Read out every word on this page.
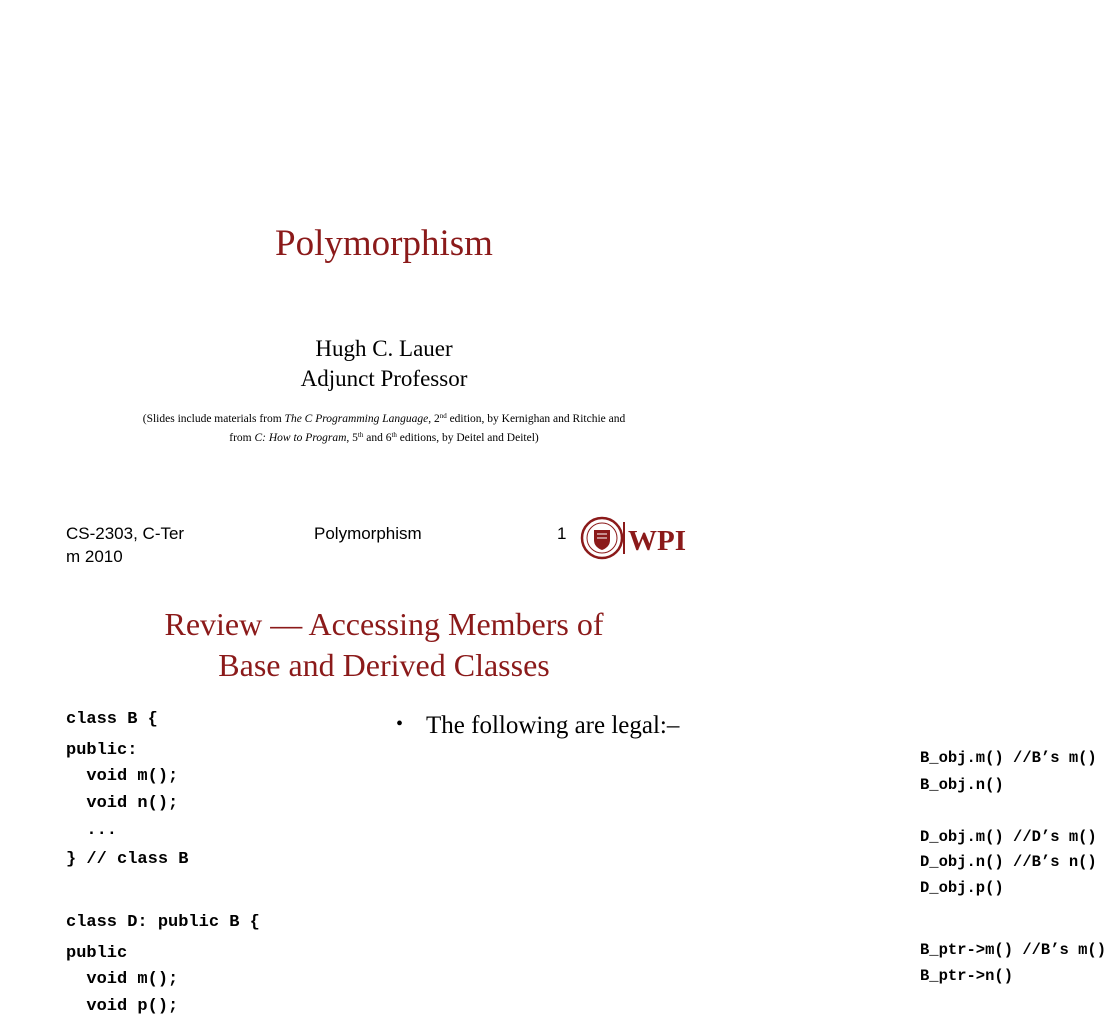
Polymorphism
Hugh C. Lauer
Adjunct Professor
(Slides include materials from The C Programming Language, 2nd edition, by Kernighan and Ritchie and
from C: How to Program, 5th and 6th editions, by Deitel and Deitel)
CS-2303, C-Ter
m 2010
Polymorphism	1 WPI
Review — Accessing Members of
Base and Derived Classes

class B {

public:

void m();

void n();

...

} // class B

class D: public B {

public

void m();

void p();

• The following are legal:–

B_obj.m() //B’s m()

B_obj.n()

D_obj.m() //D’s m()

D_obj.n() //B’s n()

D_obj.p()

B_ptr->m() //B’s m()

B_ptr->n()
